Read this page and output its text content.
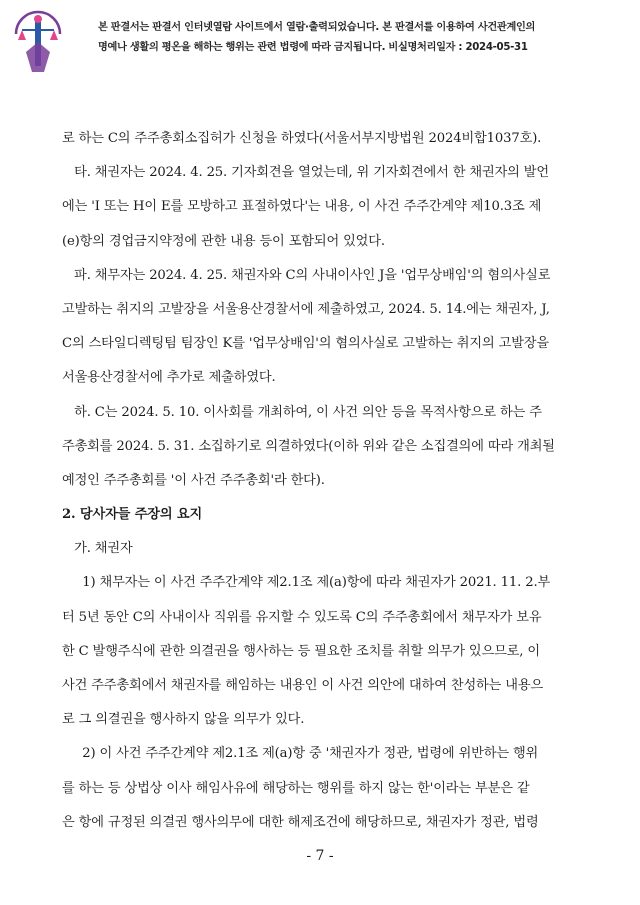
본 판결서는 판결서 인터넷열람 사이트에서 열람·출력되었습니다. 본 판결서를 이용하여 사건관계인의
명예나 생활의 평온을 해하는 행위는 관련 법령에 따라 금지됩니다. 비실명처리일자 : 2024-05-31
로 하는 C의 주주총회소집허가 신청을 하였다(서울서부지방법원 2024비합1037호).
타. 채권자는 2024. 4. 25. 기자회견을 열었는데, 위 기자회견에서 한 채권자의 발언
에는 'I 또는 H이 E를 모방하고 표절하였다'는 내용, 이 사건 주주간계약 제10.3조 제
(e)항의 경업금지약정에 관한 내용 등이 포함되어 있었다.
파. 채무자는 2024. 4. 25. 채권자와 C의 사내이사인 J을 '업무상배임'의 혐의사실로
고발하는 취지의 고발장을 서울용산경찰서에 제출하였고, 2024. 5. 14.에는 채권자, J,
C의 스타일디렉팅팀 팀장인 K를 '업무상배임'의 혐의사실로 고발하는 취지의 고발장을
서울용산경찰서에 추가로 제출하였다.
하. C는 2024. 5. 10. 이사회를 개최하여, 이 사건 의안 등을 목적사항으로 하는 주
주총회를 2024. 5. 31. 소집하기로 의결하였다(이하 위와 같은 소집결의에 따라 개최될
예정인 주주총회를 '이 사건 주주총회'라 한다).
2. 당사자들 주장의 요지
가. 채권자
1) 채무자는 이 사건 주주간계약 제2.1조 제(a)항에 따라 채권자가 2021. 11. 2.부
터 5년 동안 C의 사내이사 직위를 유지할 수 있도록 C의 주주총회에서 채무자가 보유
한 C 발행주식에 관한 의결권을 행사하는 등 필요한 조치를 취할 의무가 있으므로, 이
사건 주주총회에서 채권자를 해임하는 내용인 이 사건 의안에 대하여 찬성하는 내용으
로 그 의결권을 행사하지 않을 의무가 있다.
2) 이 사건 주주간계약 제2.1조 제(a)항 중 '채권자가 정관, 법령에 위반하는 행위
를 하는 등 상법상 이사 해임사유에 해당하는 행위를 하지 않는 한'이라는 부분은 같
은 항에 규정된 의결권 행사의무에 대한 해제조건에 해당하므로, 채권자가 정관, 법령
- 7 -
